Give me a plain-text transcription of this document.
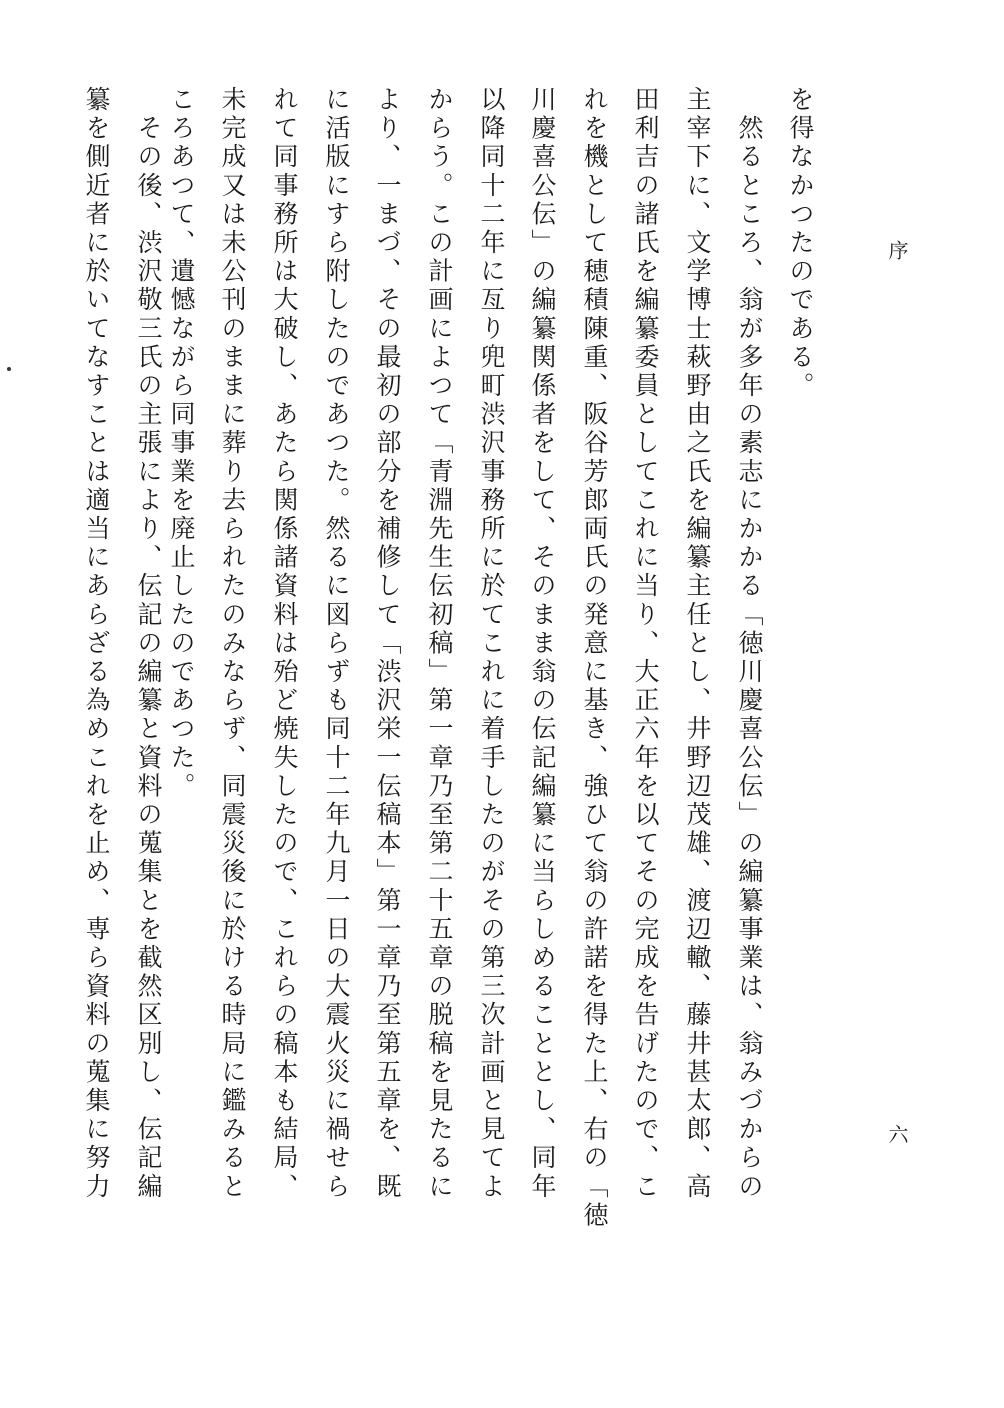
序
六
を得なかつたのである。
　然るところ、翁が多年の素志にかかる「徳川慶喜公伝」の編纂事業は、翁みづからの
主宰下に、文学博士萩野由之氏を編纂主任とし、井野辺茂雄、渡辺轍、藤井甚太郎、高
田利吉の諸氏を編纂委員としてこれに当り、大正六年を以てその完成を告げたので、こ
れを機として穂積陳重、阪谷芳郎両氏の発意に基き、強ひて翁の許諾を得た上、右の「徳
川慶喜公伝」の編纂関係者をして、そのまま翁の伝記編纂に当らしめることとし、同年
以降同十二年に亙り兜町渋沢事務所に於てこれに着手したのがその第三次計画と見てよ
からう。この計画によつて「青淵先生伝初稿」第一章乃至第二十五章の脱稿を見たるに
より、一まづ、その最初の部分を補修して「渋沢栄一伝稿本」第一章乃至第五章を、既
に活版にすら附したのであつた。然るに図らずも同十二年九月一日の大震火災に禍せら
れて同事務所は大破し、あたら関係諸資料は殆ど焼失したので、これらの稿本も結局、
未完成又は未公刊のままに葬り去られたのみならず、同震災後に於ける時局に鑑みると
ころあつて、遺憾ながら同事業を廃止したのであつた。
　その後、渋沢敬三氏の主張により、伝記の編纂と資料の蒐集とを截然区別し、伝記編
纂を側近者に於いてなすことは適当にあらざる為めこれを止め、専ら資料の蒐集に努力
